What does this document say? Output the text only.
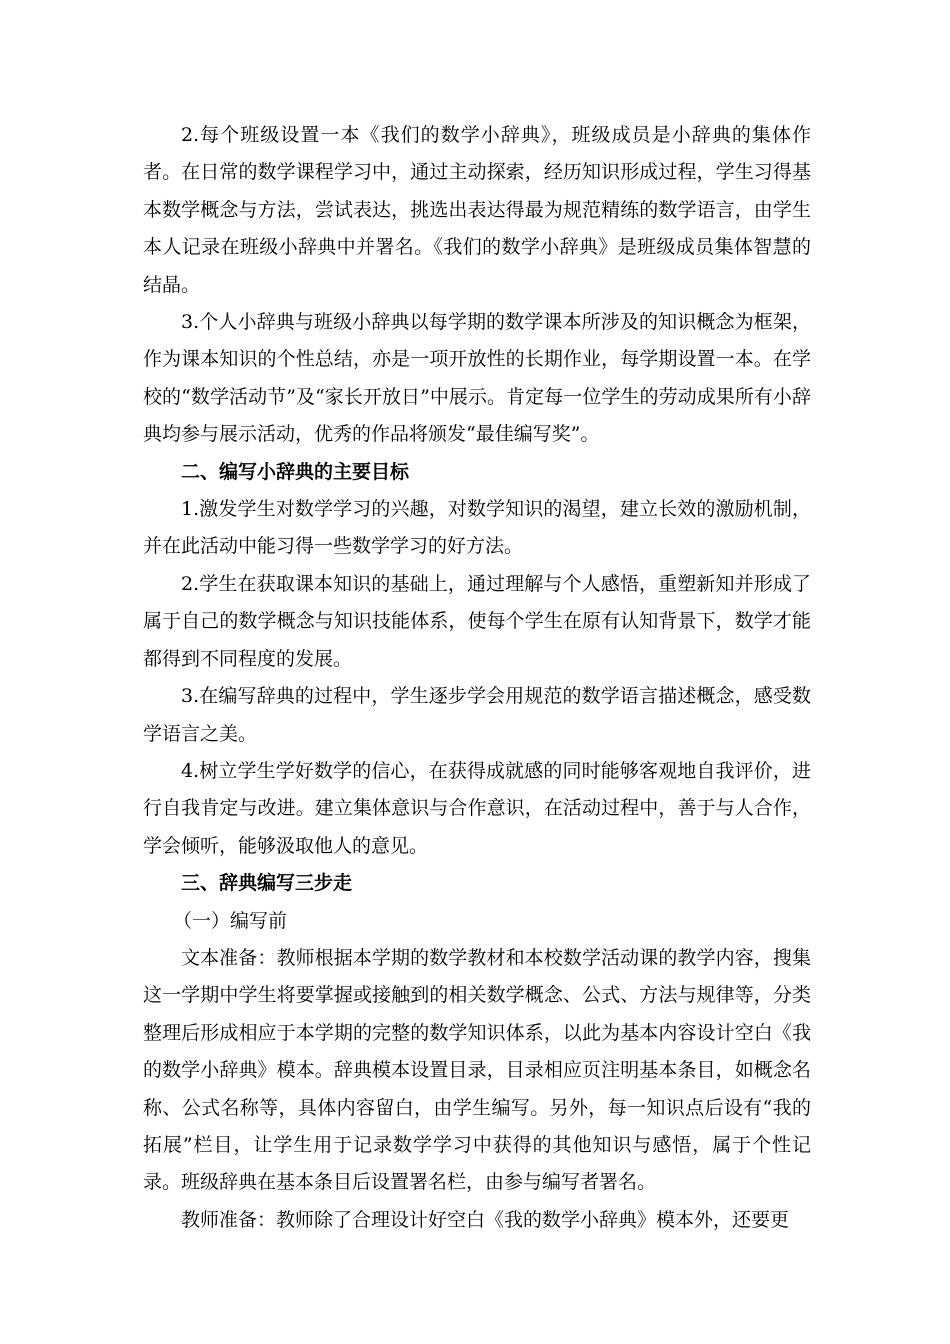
2.每个班级设置一本《我们的数学小辞典》，班级成员是小辞典的集体作者。在日常的数学课程学习中，通过主动探索，经历知识形成过程，学生习得基本数学概念与方法，尝试表达，挑选出表达得最为规范精练的数学语言，由学生本人记录在班级小辞典中并署名。《我们的数学小辞典》是班级成员集体智慧的结晶。

3.个人小辞典与班级小辞典以每学期的数学课本所涉及的知识概念为框架，作为课本知识的个性总结，亦是一项开放性的长期作业，每学期设置一本。在学校的“数学活动节”及“家长开放日”中展示。肯定每一位学生的劳动成果所有小辞典均参与展示活动，优秀的作品将颁发“最佳编写奖”。

二、编写小辞典的主要目标

1.激发学生对数学学习的兴趣，对数学知识的渴望，建立长效的激励机制，并在此活动中能习得一些数学学习的好方法。

2.学生在获取课本知识的基础上，通过理解与个人感悟，重塑新知并形成了属于自己的数学概念与知识技能体系，使每个学生在原有认知背景下，数学才能都得到不同程度的发展。

3.在编写辞典的过程中，学生逐步学会用规范的数学语言描述概念，感受数学语言之美。

4.树立学生学好数学的信心，在获得成就感的同时能够客观地自我评价，进行自我肯定与改进。建立集体意识与合作意识，在活动过程中，善于与人合作，学会倾听，能够汲取他人的意见。

三、辞典编写三步走

（一）编写前

文本准备：教师根据本学期的数学教材和本校数学活动课的教学内容，搜集这一学期中学生将要掌握或接触到的相关数学概念、公式、方法与规律等，分类整理后形成相应于本学期的完整的数学知识体系，以此为基本内容设计空白《我的数学小辞典》模本。辞典模本设置目录，目录相应页注明基本条目，如概念名称、公式名称等，具体内容留白，由学生编写。另外，每一知识点后设有“我的拓展”栏目，让学生用于记录数学学习中获得的其他知识与感悟，属于个性记录。班级辞典在基本条目后设置署名栏，由参与编写者署名。

教师准备：教师除了合理设计好空白《我的数学小辞典》模本外，还要更
